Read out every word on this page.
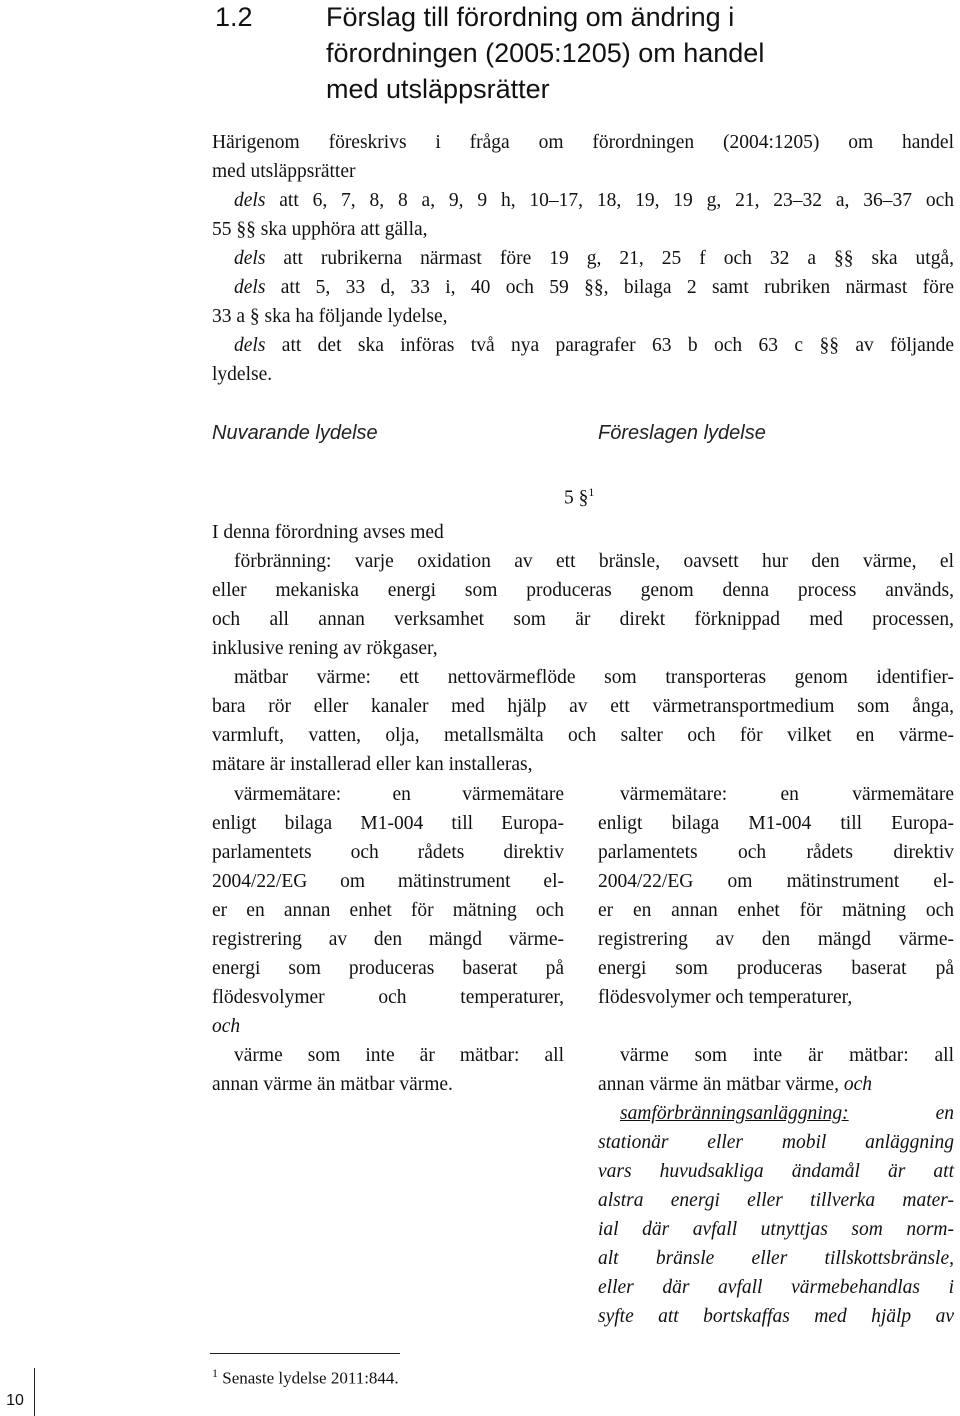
1.2	Förslag till förordning om ändring i
förordningen (2005:1205) om handel
med utsläppsrätter
Härigenom föreskrivs i fråga om förordningen (2004:1205) om handel
med utsläppsrätter
dels att 6, 7, 8, 8 a, 9, 9 h, 10–17, 18, 19, 19 g, 21, 23–32 a, 36–37 och
55 §§ ska upphöra att gälla,
dels att rubrikerna närmast före 19 g, 21, 25 f och 32 a §§ ska utgå,
dels att 5, 33 d, 33 i, 40 och 59 §§, bilaga 2 samt rubriken närmast före
33 a § ska ha följande lydelse,
dels att det ska införas två nya paragrafer 63 b och 63 c §§ av följande
lydelse.
Nuvarande lydelse	Föreslagen lydelse
5 §$^1$
I denna förordning avses med
förbränning: varje oxidation av ett bränsle, oavsett hur den värme, el
eller mekaniska energi som produceras genom denna process används,
och all annan verksamhet som är direkt förknippad med processen,
inklusive rening av rökgaser,
mätbar värme: ett nettovärmeflöde som transporteras genom identifier-
bara rör eller kanaler med hjälp av ett värmetransportmedium som ånga,
varmluft, vatten, olja, metallsmälta och salter och för vilket en värme-
mätare är installerad eller kan installeras,
värmemätare: en värmemätare
enligt bilaga M1-004 till Europa-
parlamentets och rådets direktiv
2004/22/EG om mätinstrument el-
er en annan enhet för mätning och
registrering av den mängd värme-
energi som produceras baserat på
flödesvolymer och temperaturer,
och
värme som inte är mätbar: all
annan värme än mätbar värme.
värmemätare: en värmemätare
enligt bilaga M1-004 till Europa-
parlamentets och rådets direktiv
2004/22/EG om mätinstrument el-
er en annan enhet för mätning och
registrering av den mängd värme-
energi som produceras baserat på
flödesvolymer och temperaturer,
värme som inte är mätbar: all
annan värme än mätbar värme, och
samförbränningsanläggning: en
stationär eller mobil anläggning
vars huvudsakliga ändamål är att
alstra energi eller tillverka mater-
ial där avfall utnyttjas som norm-
alt bränsle eller tillskottsbränsle,
eller där avfall värmebehandlas i
syfte att bortskaffas med hjälp av
$^1$ Senaste lydelse 2011:844.
10
